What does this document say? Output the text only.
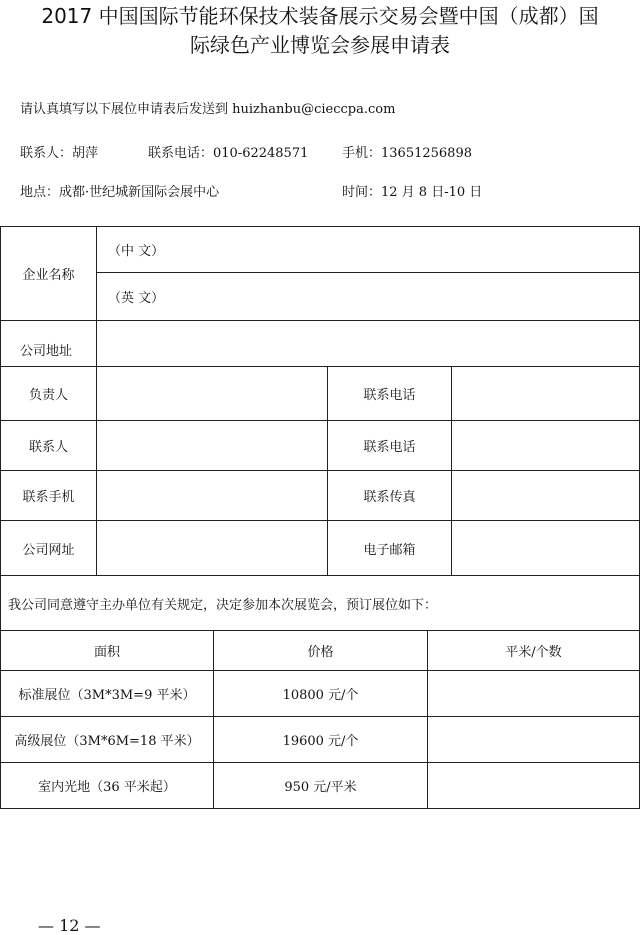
2017 中国国际节能环保技术装备展示交易会暨中国（成都）国
际绿色产业博览会参展申请表
请认真填写以下展位申请表后发送到 huizhanbu@cieccpa.com
联系人：胡萍	联系电话：010-62248571	手机：13651256898
地点：成都·世纪城新国际会展中心	时间：12 月 8 日-10 日
企业名称
（中 文）
（英 文）
公司地址
负责人	联系电话
联系人	联系电话
联系手机	联系传真
公司网址	电子邮箱
我公司同意遵守主办单位有关规定，决定参加本次展览会，预订展位如下：
面积	价格	平米/个数
标准展位（3M*3M=9 平米）	10800 元/个
高级展位（3M*6M=18 平米）	19600 元/个
室内光地（36 平米起）	950 元/平米
— 12 —
